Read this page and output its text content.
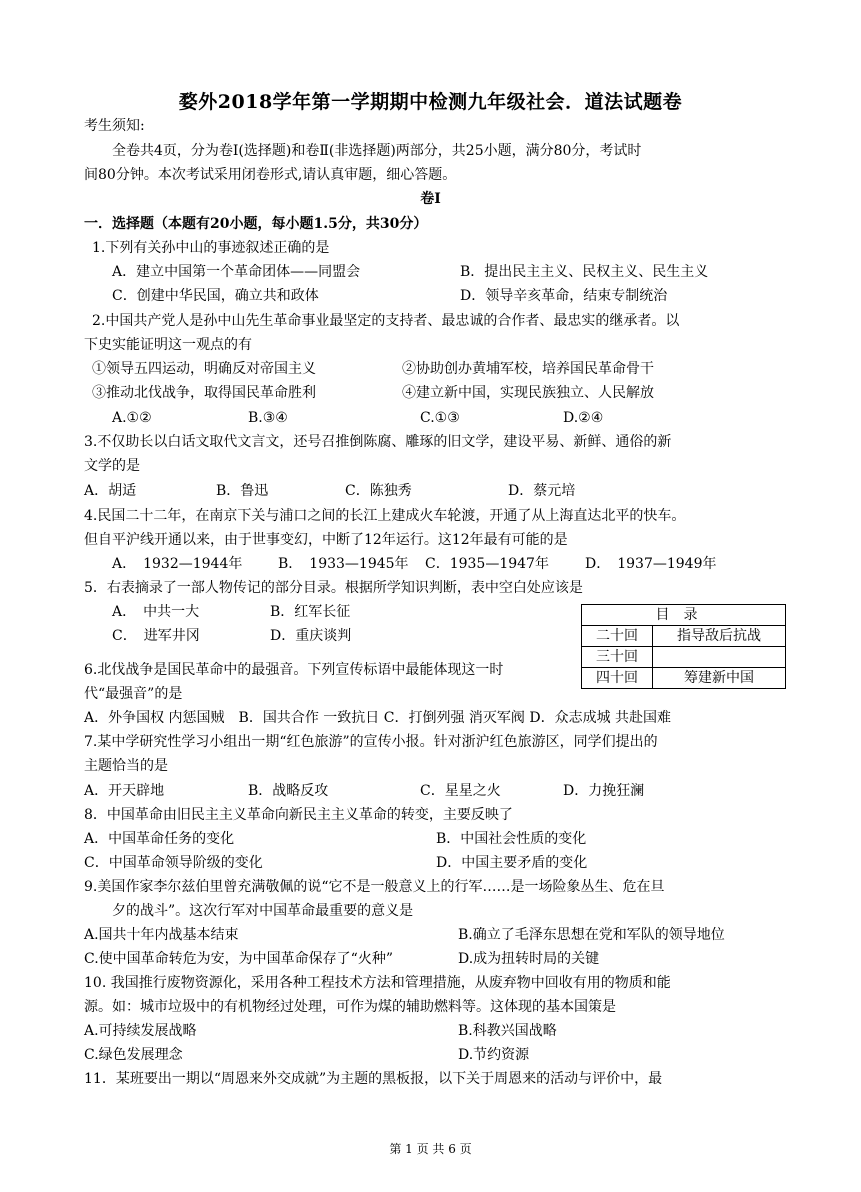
婺外2018学年第一学期期中检测九年级社会．道法试题卷
考生须知:
全卷共4页，分为卷Ⅰ(选择题)和卷Ⅱ(非选择题)两部分，共25小题，满分80分，考试时
间80分钟。本次考试采用闭卷形式,请认真审题，细心答题。
卷Ⅰ
一．选择题（本题有20小题，每小题1.5分，共30分）
1.下列有关孙中山的事迹叙述正确的是
A．建立中国第一个革命团体——同盟会	B．提出民主主义、民权主义、民生主义
C．创建中华民国，确立共和政体	D．领导辛亥革命，结束专制统治
2.中国共产党人是孙中山先生革命事业最坚定的支持者、最忠诚的合作者、最忠实的继承者。以
下史实能证明这一观点的有
①领导五四运动，明确反对帝国主义	②协助创办黄埔军校，培养国民革命骨干
③推动北伐战争，取得国民革命胜利	④建立新中国，实现民族独立、人民解放
A.①②	B.③④	C.①③	D.②④
3.不仅助长以白话文取代文言文，还号召推倒陈腐、雕琢的旧文学，建设平易、新鲜、通俗的新
文学的是
A．胡适	B．鲁迅	C．陈独秀	D．蔡元培
4.民国二十二年，在南京下关与浦口之间的长江上建成火车轮渡，开通了从上海直达北平的快车。
但自平沪线开通以来，由于世事变幻，中断了12年运行。这12年最有可能的是
A．　1932—1944年	B．　1933—1945年 C．1935—1947年	D．　1937—1949年
5．右表摘录了一部人物传记的部分目录。根据所学知识判断，表中空白处应该是
A．　中共一大	B．红军长征
C．　进军井冈	D．重庆谈判
目录	
二十回	指导敌后抗战
三十回	
四十回	筹建新中国
6.北伐战争是国民革命中的最强音。下列宣传标语中最能体现这一时
代“最强音”的是
A．外争国权 内惩国贼　B．国共合作 一致抗日 C．打倒列强 消灭军阀 D．众志成城 共赴国难
7.某中学研究性学习小组出一期“红色旅游”的宣传小报。针对浙沪红色旅游区，同学们提出的
主题恰当的是
A．开天辟地	B．战略反攻	C．星星之火	D．力挽狂澜
8．中国革命由旧民主主义革命向新民主主义革命的转变，主要反映了
A．中国革命任务的变化	B．中国社会性质的变化
C．中国革命领导阶级的变化	D．中国主要矛盾的变化
9.美国作家李尔兹伯里曾充满敬佩的说“它不是一般意义上的行军……是一场险象丛生、危在旦
夕的战斗”。这次行军对中国革命最重要的意义是
A.国共十年内战基本结束	B.确立了毛泽东思想在党和军队的领导地位
C.使中国革命转危为安，为中国革命保存了“火种”	D.成为扭转时局的关键
10. 我国推行废物资源化，采用各种工程技术方法和管理措施，从废弃物中回收有用的物质和能
源。如：城市垃圾中的有机物经过处理，可作为煤的辅助燃料等。这体现的基本国策是
A.可持续发展战略	B.科教兴国战略
C.绿色发展理念	D.节约资源
11．某班要出一期以“周恩来外交成就”为主题的黑板报，以下关于周恩来的活动与评价中，最
第 1 页 共 6 页
